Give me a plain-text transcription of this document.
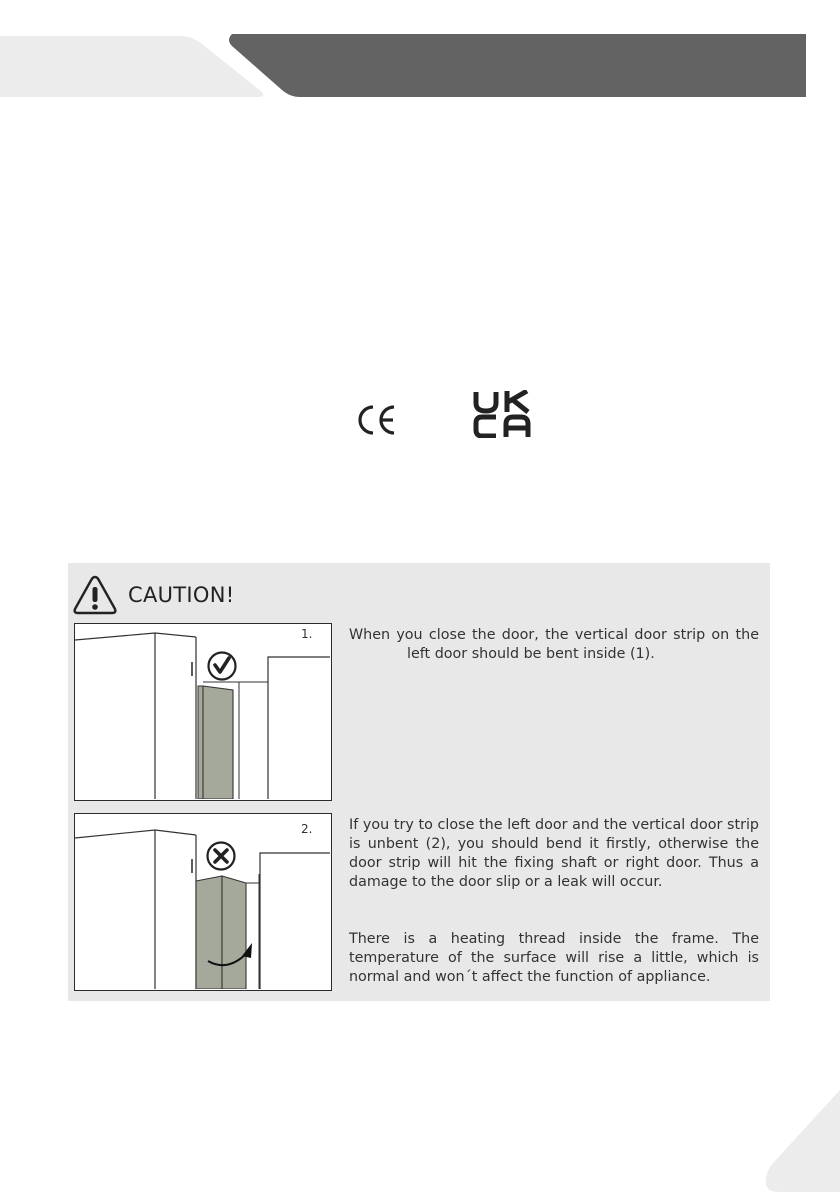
CAUTION!
1.
2.

When you close the door, the vertical door strip on theleft door should be bent inside (1).

If you try to close the left door and the vertical door strip is unbent (2), you should bend it firstly, otherwise the door strip will hit the fixing shaft or right door. Thus a damage to the door slip or a leak will occur.

There is a heating thread inside the frame. The temperature of the surface will rise a little, which is normal and won´t affect the function of appliance.
